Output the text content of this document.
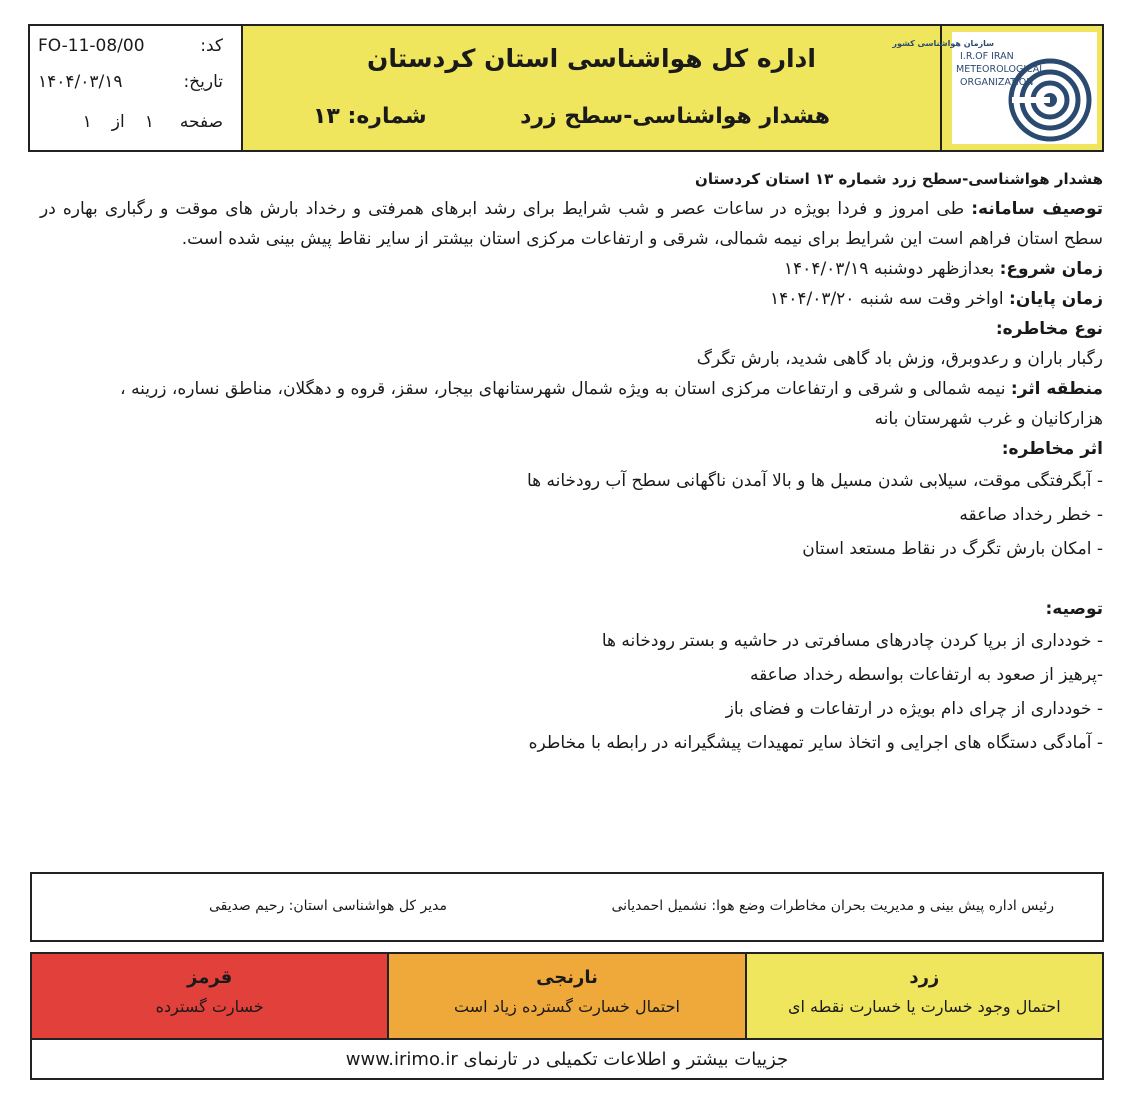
کد:
FO-11-08/00
تاریخ:
۱۴۰۴/۰۳/۱۹
صفحه
۱
از
۱
اداره کل هواشناسی استان کردستان
هشدار هواشناسی-سطح زرد
شماره: ۱۳
سازمان هواشناسی کشور
I.R.OF IRAN
METEOROLOGICAL
ORGANIZATION
هشدار هواشناسی-سطح زرد شماره ۱۳ استان کردستان
توصیف سامانه: طی امروز و فردا بویژه در ساعات عصر و شب شرایط برای رشد ابرهای همرفتی و رخداد بارش های موقت و رگباری بهاره در سطح استان فراهم است این شرایط برای نیمه شمالی، شرقی و ارتفاعات مرکزی استان بیشتر از سایر نقاط پیش بینی شده است.
زمان شروع: بعدازظهر دوشنبه ۱۴۰۴/۰۳/۱۹
زمان پایان: اواخر وقت سه شنبه ۱۴۰۴/۰۳/۲۰
نوع مخاطره:
رگبار باران و رعدوبرق، وزش باد گاهی شدید، بارش تگرگ
منطقه اثر: نیمه شمالی و شرقی و ارتفاعات مرکزی استان به ویژه شمال شهرستانهای بیجار، سقز، قروه و دهگلان، مناطق نساره، زرینه ،
هزارکانیان و غرب شهرستان بانه
اثر مخاطره:
- آبگرفتگی موقت، سیلابی شدن مسیل ها و بالا آمدن ناگهانی سطح آب رودخانه ها
- خطر رخداد صاعقه
- امکان بارش تگرگ در نقاط مستعد استان
توصیه:
- خودداری از برپا کردن چادرهای مسافرتی در حاشیه و بستر رودخانه ها
-پرهیز از صعود به ارتفاعات بواسطه رخداد صاعقه
- خودداری از چرای دام بویژه در ارتفاعات و فضای باز
- آمادگی دستگاه های اجرایی و اتخاذ سایر تمهیدات پیشگیرانه در رابطه با مخاطره
رئیس اداره پیش بینی و مدیریت بحران مخاطرات وضع هوا: نشمیل احمدیانی
مدیر کل هواشناسی استان: رحیم صدیقی
قرمز
خسارت گسترده
نارنجی
احتمال خسارت گسترده زیاد است
زرد
احتمال وجود خسارت یا خسارت نقطه ای
جزییات بیشتر و اطلاعات تکمیلی در تارنمای www.irimo.ir
